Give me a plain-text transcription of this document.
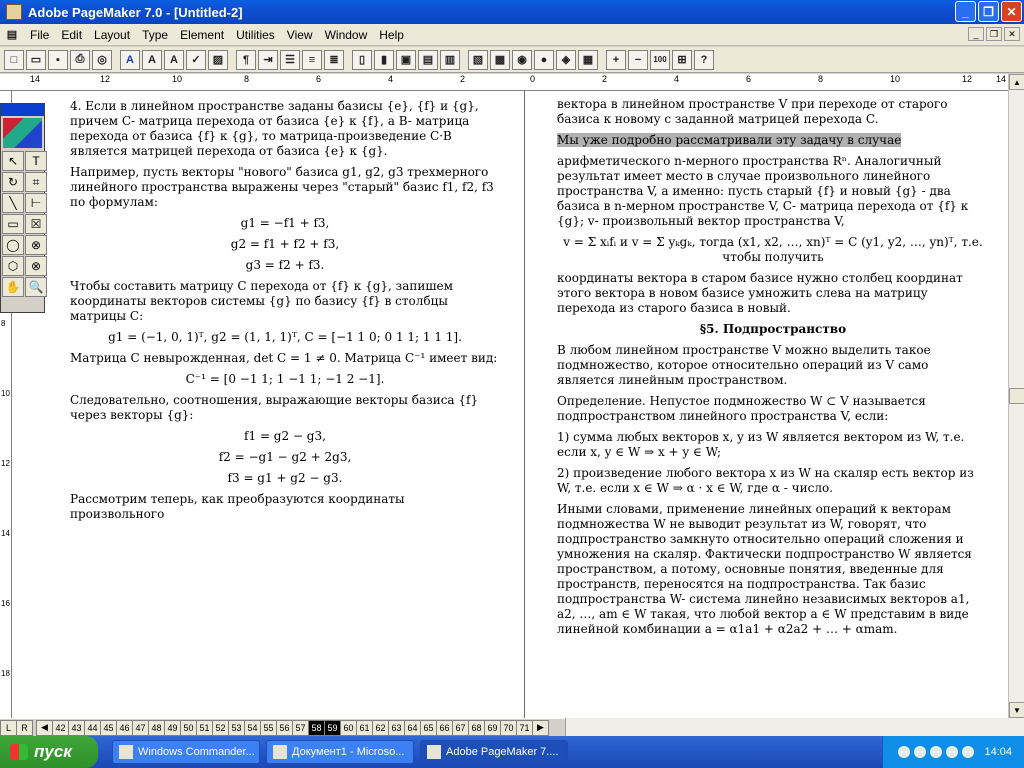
Adobe PageMaker 7.0 - [Untitled-2]	_	❐	✕
▤	File	Edit	Layout	Type	Element	Utilities	View	Window	Help	_	❐	✕
□	▭	▪	⎙	◎	A	A	A	✓	▨	¶	⇥	☰	≡	≣	▯	▮	▣	▤	▥	▧	▩	◉	●	◈	▦	+	−	100 ⊞	?
14	12	10	8	6	4	2	0	2	4	6	8	10	12	14
8
10
12
14
16
18

4. Если в линейном пространстве заданы базисы {e}, {f} и {g}, причем C- матрица перехода от базиса {e} к {f}, а B- матрица перехода от базиса {f} к {g}, то матрица-произведение C·B является матрицей перехода от базиса {e} к {g}.

Например, пусть векторы "нового" базиса g1, g2, g3 трехмерного линейного пространства выражены через "старый" базис f1, f2, f3 по формулам:

g1 = −f1 + f3,
g2 = f1 + f2 + f3,
g3 = f2 + f3.

Чтобы составить матрицу C перехода от {f} к {g}, запишем координаты векторов системы {g} по базису {f} в столбцы матрицы C:

g1 = (−1, 0, 1)ᵀ, g2 = (1, 1, 1)ᵀ, C = [−1 1 0; 0 1 1; 1 1 1].

Матрица C невырожденная, det C = 1 ≠ 0. Матрица C⁻¹ имеет вид:

C⁻¹ = [0 −1 1; 1 −1 1; −1 2 −1].

Следовательно, соотношения, выражающие векторы базиса {f} через векторы {g}:

f1 = g2 − g3,
f2 = −g1 − g2 + 2g3,
f3 = g1 + g2 − g3.

Рассмотрим теперь, как преобразуются координаты произвольного

вектора в линейном пространстве V при переходе от старого базиса к новому с заданной матрицей перехода C.

Мы уже подробно рассматривали эту задачу в случае

арифметического n-мерного пространства Rⁿ. Аналогичный результат имеет место в случае произвольного линейного пространства V, а именно: пусть старый {f} и новый {g} - два базиса в n-мерном пространстве V, C- матрица перехода от {f} к {g}; v- произвольный вектор пространства V,

v = Σ xᵢfᵢ и v = Σ yₖgₖ, тогда (x1, x2, …, xn)ᵀ = C (y1, y2, …, yn)ᵀ, т.е. чтобы получить

координаты вектора в старом базисе нужно столбец координат этого вектора в новом базисе умножить слева на матрицу перехода из старого базиса в новый.

§5. Подпространство

В любом линейном пространстве V можно выделить такое подмножество, которое относительно операций из V само является линейным пространством.

Определение. Непустое подмножество W ⊂ V называется подпространством линейного пространства V, если:

1) сумма любых векторов x, y из W является вектором из W, т.е. если x, y ∈ W ⇒ x + y ∈ W;

2) произведение любого вектора x из W на скаляр есть вектор из W, т.е. если x ∈ W ⇒ α · x ∈ W, где α - число.

Иными словами, применение линейных операций к векторам подмножества W не выводит результат из W, говорят, что подпространство замкнуто относительно операций сложения и умножения на скаляр. Фактически подпространство W является пространством, а потому, основные понятия, введенные для пространств, переносятся на подпространства. Так базис подпространства W- система линейно независимых векторов a1, a2, …, am ∈ W такая, что любой вектор a ∈ W представим в виде линейной комбинации a = α1a1 + α2a2 + … + αmam.

↖	T
↻	⌗
╲	⊢
▭ ☒
◯ ⊗
⬡	⊗
✋ 🔍
▲
▼
L	R	◀ 42 43 44 45 46 47 48 49 50 51 52 53 54 55 56 57 58 59 60 61 62 63 64 65 66 67 68 69 70 71 ▶
пуск	Windows Commander...	Документ1 - Microso...	Adobe PageMaker 7....	14:04
